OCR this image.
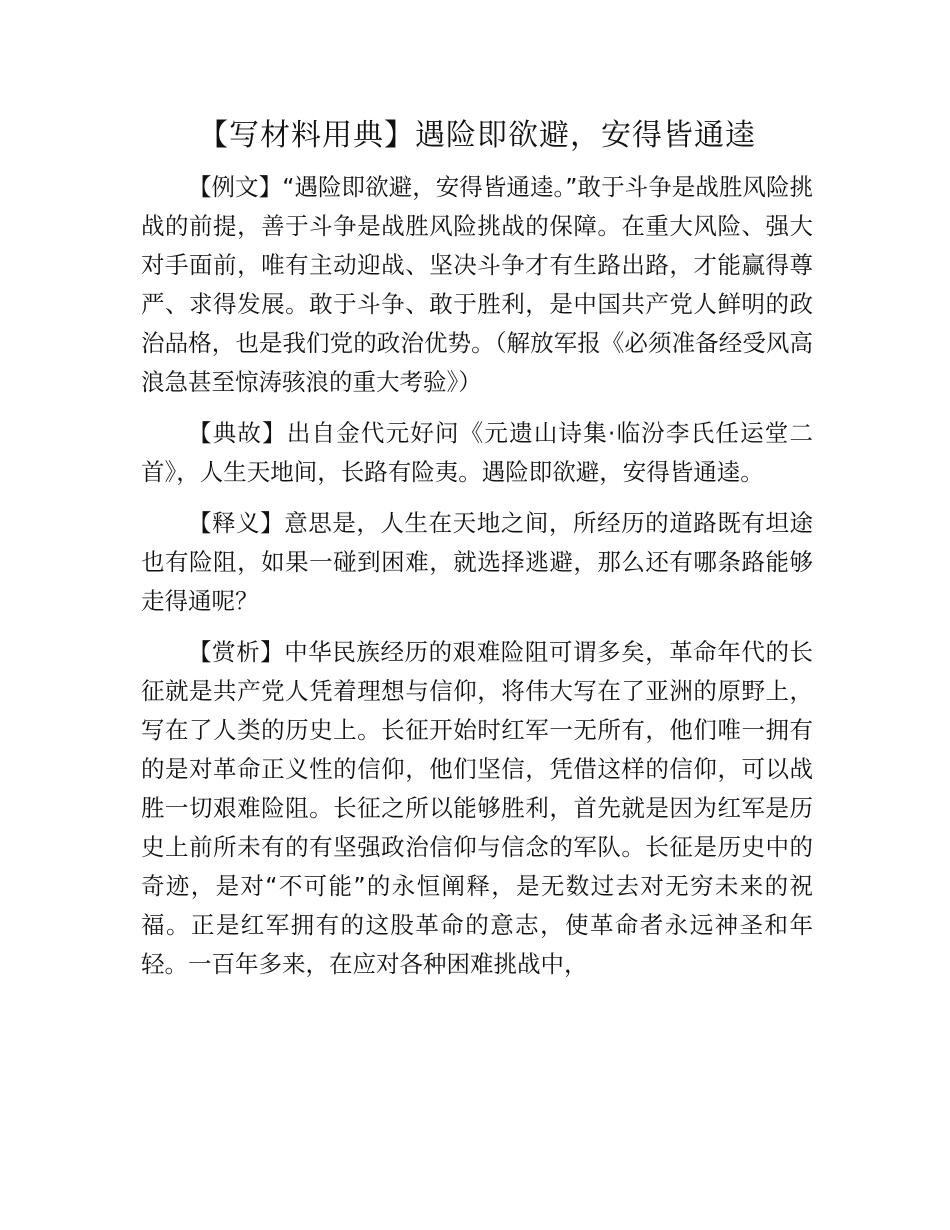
【写材料用典】遇险即欲避，安得皆通逵

【例文】“遇险即欲避，安得皆通逵。”敢于斗争是战胜风险挑战的前提，善于斗争是战胜风险挑战的保障。在重大风险、强大对手面前，唯有主动迎战、坚决斗争才有生路出路，才能赢得尊严、求得发展。敢于斗争、敢于胜利，是中国共产党人鲜明的政治品格，也是我们党的政治优势。（解放军报《必须准备经受风高浪急甚至惊涛骇浪的重大考验》）

【典故】出自金代元好问《元遗山诗集·临汾李氏任运堂二首》，人生天地间，长路有险夷。遇险即欲避，安得皆通逵。

【释义】意思是，人生在天地之间，所经历的道路既有坦途也有险阻，如果一碰到困难，就选择逃避，那么还有哪条路能够走得通呢？

【赏析】中华民族经历的艰难险阻可谓多矣，革命年代的长征就是共产党人凭着理想与信仰，将伟大写在了亚洲的原野上，写在了人类的历史上。长征开始时红军一无所有，他们唯一拥有的是对革命正义性的信仰，他们坚信，凭借这样的信仰，可以战胜一切艰难险阻。长征之所以能够胜利，首先就是因为红军是历史上前所未有的有坚强政治信仰与信念的军队。长征是历史中的奇迹，是对“不可能”的永恒阐释，是无数过去对无穷未来的祝福。正是红军拥有的这股革命的意志，使革命者永远神圣和年轻。一百年多来，在应对各种困难挑战中，
